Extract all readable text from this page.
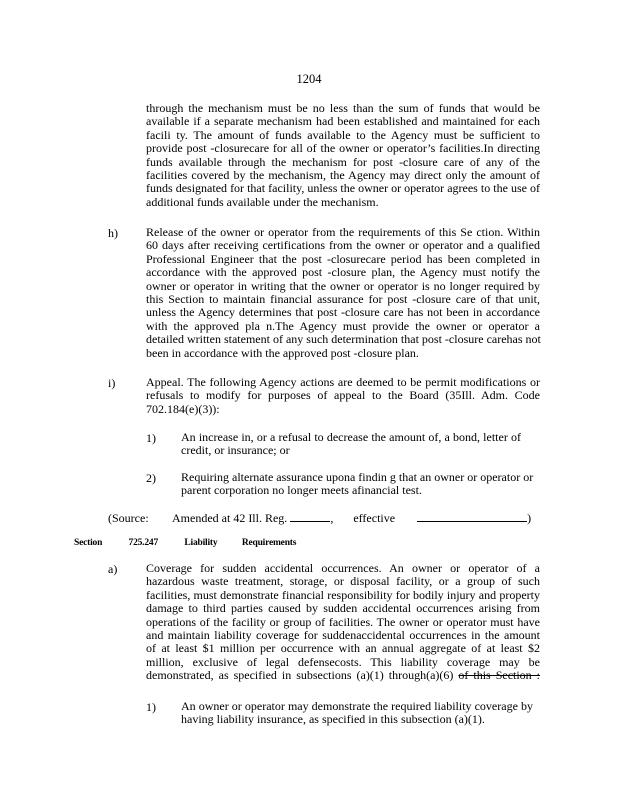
1204
through the mechanism must be no less than the sum of funds that would be
available if a separate mechanism had been established and maintained for each
facili ty. The amount of funds available to the Agency must be sufficient to
provide post -closurecare for all of the owner or operator’s facilities.In directing
funds available through the mechanism for post -closure care of any of the
facilities covered by the mechanism, the Agency may direct only the amount of
funds designated for that facility, unless the owner or operator agrees to the use of
additional funds available under the mechanism.
h) Release of the owner or operator from the requirements of this Se ction. Within
60 days after receiving certifications from the owner or operator and a qualified
Professional Engineer that the post -closurecare period has been completed in
accordance with the approved post -closure plan, the Agency must notify the
owner or operator in writing that the owner or operator is no longer required by
this Section to maintain financial assurance for post -closure care of that unit,
unless the Agency determines that post -closure care has not been in accordance
with the approved pla n.The Agency must provide the owner or operator a
detailed written statement of any such determination that post -closure carehas not
been in accordance with the approved post -closure plan.
i)	Appeal. The following Agency actions are deemed to be permit modifications or
refusals to modify for purposes of appeal to the Board (35Ill. Adm. Code
702.184(e)(3)):
1) An increase in, or a refusal to decrease the amount of, a bond, letter of
credit, or insurance; or
2) Requiring alternate assurance upona findin g that an owner or operator or
parent corporation no longer meets afinancial test.
(Source: Amended at 42 Ill. Reg.	, effective	)
Section	725.247	Liability	Requirements
a) Coverage for sudden accidental occurrences. An owner or operator of a
hazardous waste treatment, storage, or disposal facility, or a group of such
facilities, must demonstrate financial responsibility for bodily injury and property
damage to third parties caused by sudden accidental occurrences arising from
operations of the facility or group of facilities. The owner or operator must have
and maintain liability coverage for suddenaccidental occurrences in the amount
of at least $1 million per occurrence with an annual aggregate of at least $2
million, exclusive of legal defensecosts. This liability coverage may be
demonstrated, as specified in subsections (a)(1) through(a)(6) of this Section :
1) An owner or operator may demonstrate the required liability coverage by
having liability insurance, as specified in this subsection (a)(1).
